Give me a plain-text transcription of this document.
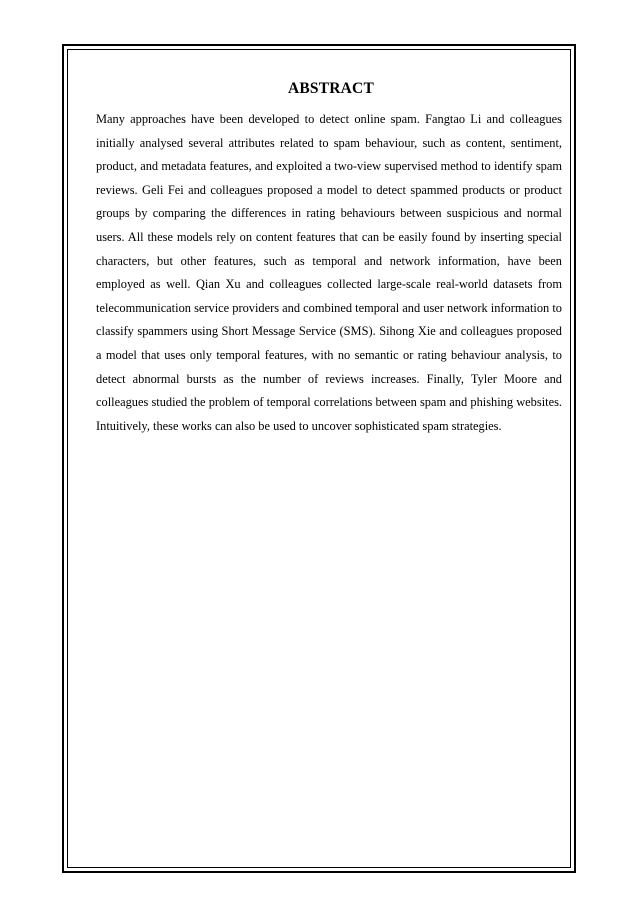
ABSTRACT

Many approaches have been developed to detect online spam. Fangtao Li and colleagues initially analysed several attributes related to spam behaviour, such as content, sentiment, product, and metadata features, and exploited a two-view supervised method to identify spam reviews. Geli Fei and colleagues proposed a model to detect spammed products or product groups by comparing the differences in rating behaviours between suspicious and normal users. All these models rely on content features that can be easily found by inserting special characters, but other features, such as temporal and network information, have been employed as well. Qian Xu and colleagues collected large-scale real-world datasets from telecommunication service providers and combined temporal and user network information to classify spammers using Short Message Service (SMS). Sihong Xie and colleagues proposed a model that uses only temporal features, with no semantic or rating behaviour analysis, to detect abnormal bursts as the number of reviews increases. Finally, Tyler Moore and colleagues studied the problem of temporal correlations between spam and phishing websites. Intuitively, these works can also be used to uncover sophisticated spam strategies.
